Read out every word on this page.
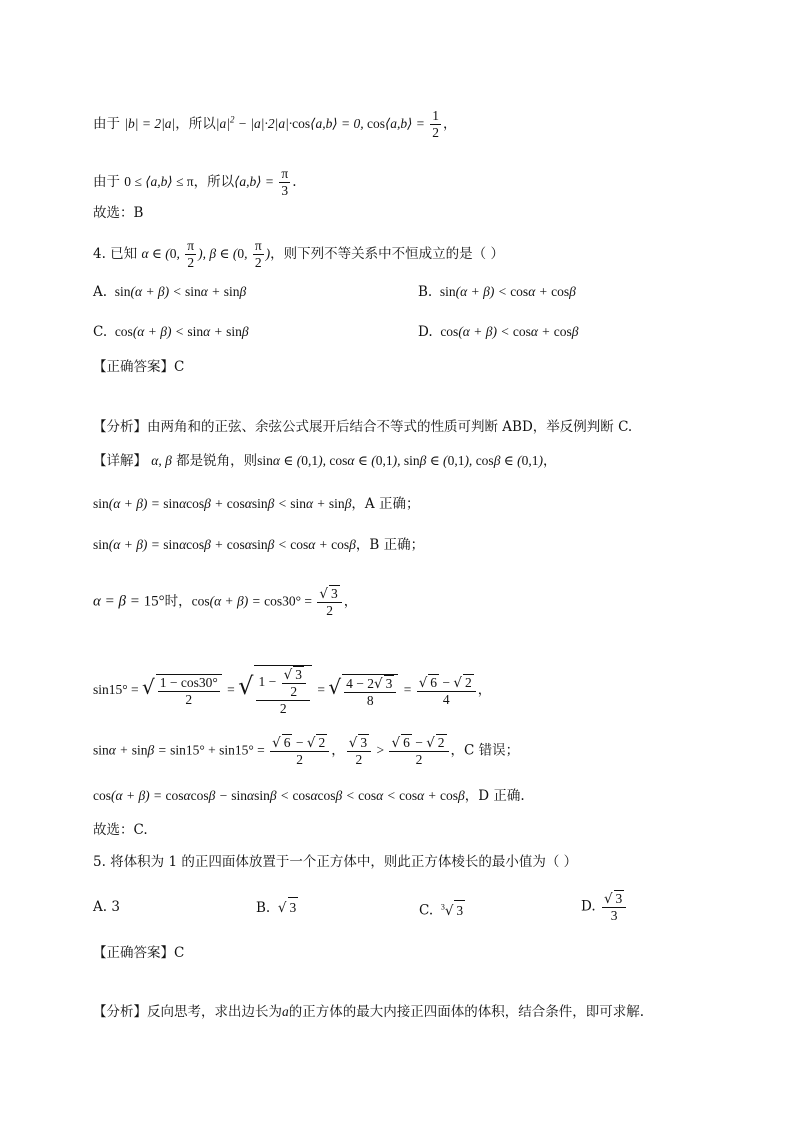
由于 |b| = 2|a|，所以$|a|^2$ − |a|·2|a|·cos⟨a,b⟩ = 0, cos⟨a,b⟩ = $\frac{1}{2}$ ，
由于 0 ≤ ⟨a,b⟩ ≤ π，所以⟨a,b⟩ = $\frac{\pi}{3}$ .
故选：B
4. 已知 α ∈ (0, $\frac{\pi}{2}$ ), β ∈ (0, $\frac{\pi}{2}$ )，则下列不等关系中不恒成立的是（ ）
A. sin(α + β) < sinα + sinβ	B. sin(α + β) < cosα + cosβ
C. cos(α + β) < sinα + sinβ	D. cos(α + β) < cosα + cosβ
【正确答案】C
【分析】由两角和的正弦、余弦公式展开后结合不等式的性质可判断 ABD，举反例判断 C.
【详解】 α, β 都是锐角，则sinα ∈ (0,1), cosα ∈ (0,1), sinβ ∈ (0,1), cosβ ∈ (0,1)，
sin(α + β) = sinαcosβ + cosαsinβ < sinα + sinβ，A 正确；
sin(α + β) = sinαcosβ + cosαsinβ < cosα + cosβ，B 正确；
α = β = 15°时，$\cos(\alpha + \beta) = \cos 30^\circ = \frac{√ 3}{2}$ ，
sin15° = √ $\frac{1 - \cos 30^\circ}{2}$ = √ $\frac{1 - \frac{√ 3}{2}}{2}$ = √ $\frac{4 - 2√ 3}{8} = \frac{√ 6 - √ 2}{4}$ ，
$\sin\alpha + \sin\beta = \sin 15^\circ + \sin 15^\circ = \frac{√ 6 - √ 2}{2}$ ， $\frac{√ 3}{2} > \frac{√ 6 - √ 2}{2}$ ，C 错误；
cos(α + β) = cosαcosβ − sinαsinβ < cosαcosβ < cosα < cosα + cosβ，D 正确.
故选：C.
5. 将体积为 1 的正四面体放置于一个正方体中，则此正方体棱长的最小值为（ ）
A. 3	B. √ 3	C. $^3$√ 3	D. $\frac{√ 3}{3}$
【正确答案】C
【分析】反向思考，求出边长为a的正方体的最大内接正四面体的体积，结合条件，即可求解.
